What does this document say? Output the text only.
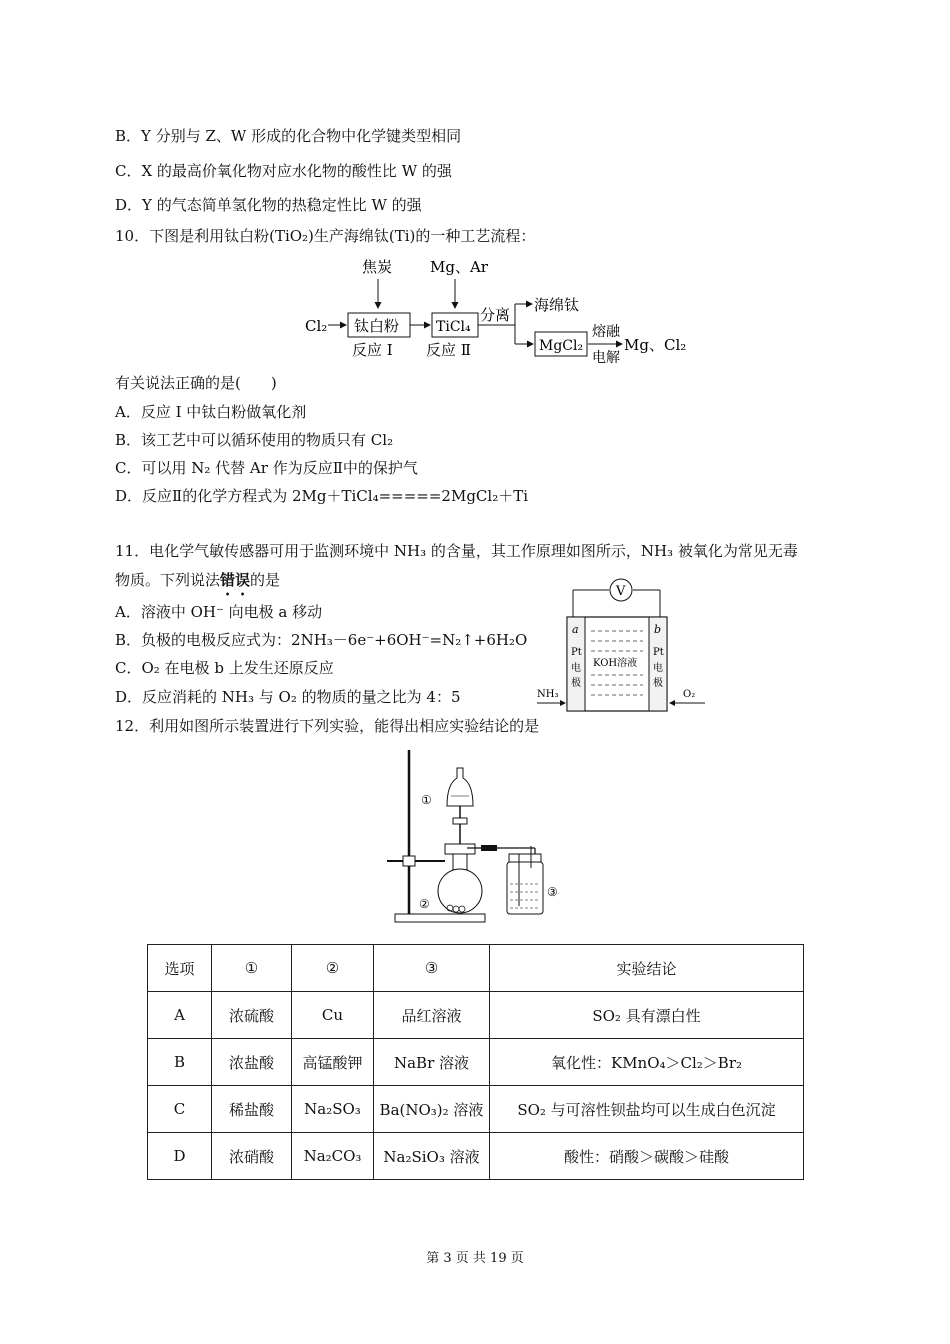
B．Y 分别与 Z、W 形成的化合物中化学键类型相同
C．X 的最高价氧化物对应水化物的酸性比 W 的强
D．Y 的气态简单氢化物的热稳定性比 W 的强
10．下图是利用钛白粉(TiO₂)生产海绵钛(Ti)的一种工艺流程：
焦炭	Mg、Ar
Cl₂ 钛白粉	TiCl₄
反应 Ⅰ 反应 Ⅱ
分离
海绵钛
MgCl₂
熔融
电解
Mg、Cl₂
有关说法正确的是(　　)
A．反应 Ⅰ 中钛白粉做氧化剂
B．该工艺中可以循环使用的物质只有 Cl₂
C．可以用 N₂ 代替 Ar 作为反应Ⅱ中的保护气
D．反应Ⅱ的化学方程式为 2Mg＋TiCl₄=====2MgCl₂＋Ti
11．电化学气敏传感器可用于监测环境中 NH₃ 的含量，其工作原理如图所示，NH₃ 被氧化为常见无毒
物质。下列说法错误的是
A．溶液中 OH⁻ 向电极 a 移动
B．负极的电极反应式为：2NH₃－6e⁻+6OH⁻=N₂↑+6H₂O
C．O₂ 在电极 b 上发生还原反应
D．反应消耗的 NH₃ 与 O₂ 的物质的量之比为 4：5
V
a	b
Pt 电极
Pt 电极
KOH溶液
NH₃	O₂
12．利用如图所示装置进行下列实验，能得出相应实验结论的是
①
②
③
选项	①	②	③	实验结论
A	浓硫酸	Cu	品红溶液	SO₂ 具有漂白性
B	浓盐酸	高锰酸钾	NaBr 溶液	氧化性：KMnO₄＞Cl₂＞Br₂
C	稀盐酸	Na₂SO₃	Ba(NO₃)₂ 溶液	SO₂ 与可溶性钡盐均可以生成白色沉淀
D	浓硝酸	Na₂CO₃	Na₂SiO₃ 溶液	酸性：硝酸＞碳酸＞硅酸
第 3 页 共 19 页
